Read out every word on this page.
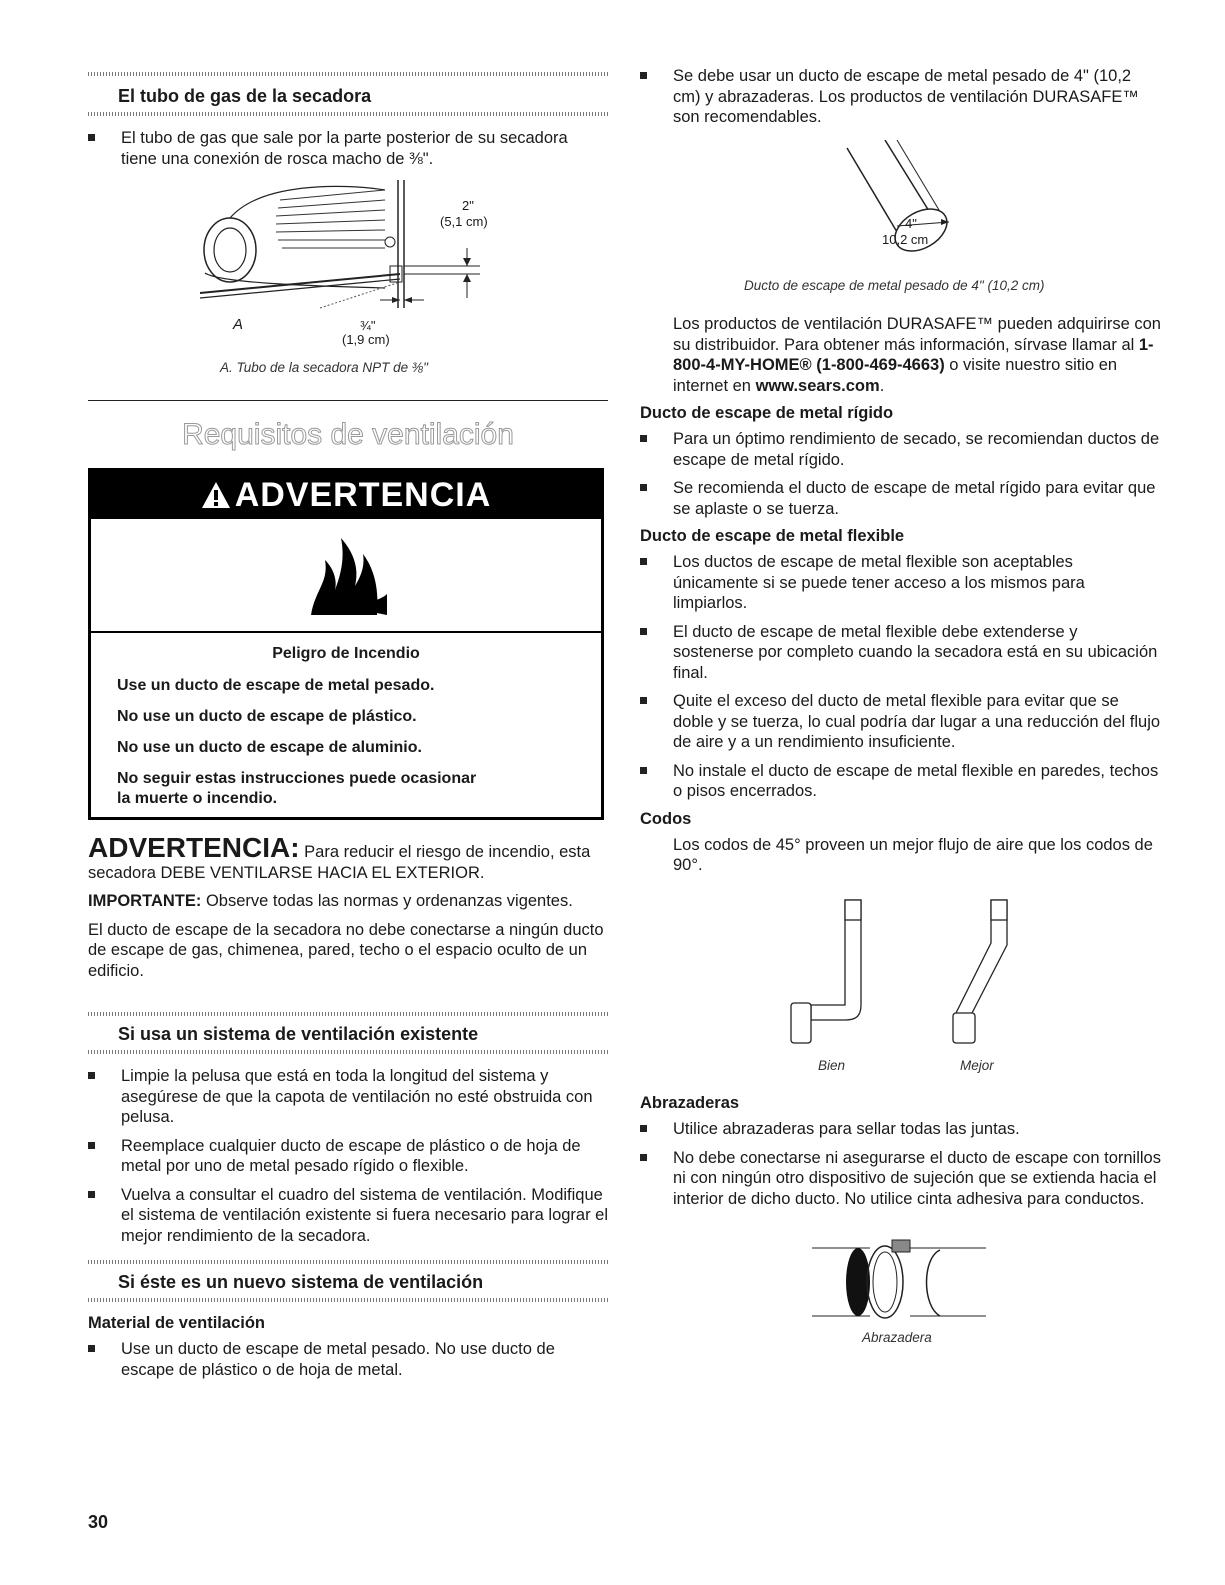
El tubo de gas de la secadora
El tubo de gas que sale por la parte posterior de su secadora tiene una conexión de rosca macho de ⅜".
2"
(5,1 cm)
A	¾"
(1,9 cm)
A. Tubo de la secadora NPT de ⅜"
Requisitos de ventilación
ADVERTENCIA
Peligro de Incendio
Use un ducto de escape de metal pesado.
No use un ducto de escape de plástico.
No use un ducto de escape de aluminio.
No seguir estas instrucciones puede ocasionar la muerte o incendio.
ADVERTENCIA: Para reducir el riesgo de incendio, esta secadora DEBE VENTILARSE HACIA EL EXTERIOR.
IMPORTANTE: Observe todas las normas y ordenanzas vigentes.
El ducto de escape de la secadora no debe conectarse a ningún ducto de escape de gas, chimenea, pared, techo o el espacio oculto de un edificio.
Si usa un sistema de ventilación existente
Limpie la pelusa que está en toda la longitud del sistema y asegúrese de que la capota de ventilación no esté obstruida con pelusa.
Reemplace cualquier ducto de escape de plástico o de hoja de metal por uno de metal pesado rígido o flexible.
Vuelva a consultar el cuadro del sistema de ventilación. Modifique el sistema de ventilación existente si fuera necesario para lograr el mejor rendimiento de la secadora.
Si éste es un nuevo sistema de ventilación
Material de ventilación
Use un ducto de escape de metal pesado. No use ducto de escape de plástico o de hoja de metal.
30
Se debe usar un ducto de escape de metal pesado de 4" (10,2 cm) y abrazaderas. Los productos de ventilación DURASAFE™ son recomendables.
4"
10,2 cm
Ducto de escape de metal pesado de 4" (10,2 cm)
Los productos de ventilación DURASAFE™ pueden adquirirse con su distribuidor. Para obtener más información, sírvase llamar al 1-800-4-MY-HOME® (1-800-469-4663) o visite nuestro sitio en internet en www.sears.com.
Ducto de escape de metal rígido
Para un óptimo rendimiento de secado, se recomiendan ductos de escape de metal rígido.
Se recomienda el ducto de escape de metal rígido para evitar que se aplaste o se tuerza.
Ducto de escape de metal flexible
Los ductos de escape de metal flexible son aceptables únicamente si se puede tener acceso a los mismos para limpiarlos.
El ducto de escape de metal flexible debe extenderse y sostenerse por completo cuando la secadora está en su ubicación final.
Quite el exceso del ducto de metal flexible para evitar que se doble y se tuerza, lo cual podría dar lugar a una reducción del flujo de aire y a un rendimiento insuficiente.
No instale el ducto de escape de metal flexible en paredes, techos o pisos encerrados.
Codos
Los codos de 45° proveen un mejor flujo de aire que los codos de 90°.
Bien	Mejor
Abrazaderas
Utilice abrazaderas para sellar todas las juntas.
No debe conectarse ni asegurarse el ducto de escape con tornillos ni con ningún otro dispositivo de sujeción que se extienda hacia el interior de dicho ducto. No utilice cinta adhesiva para conductos.
Abrazadera
